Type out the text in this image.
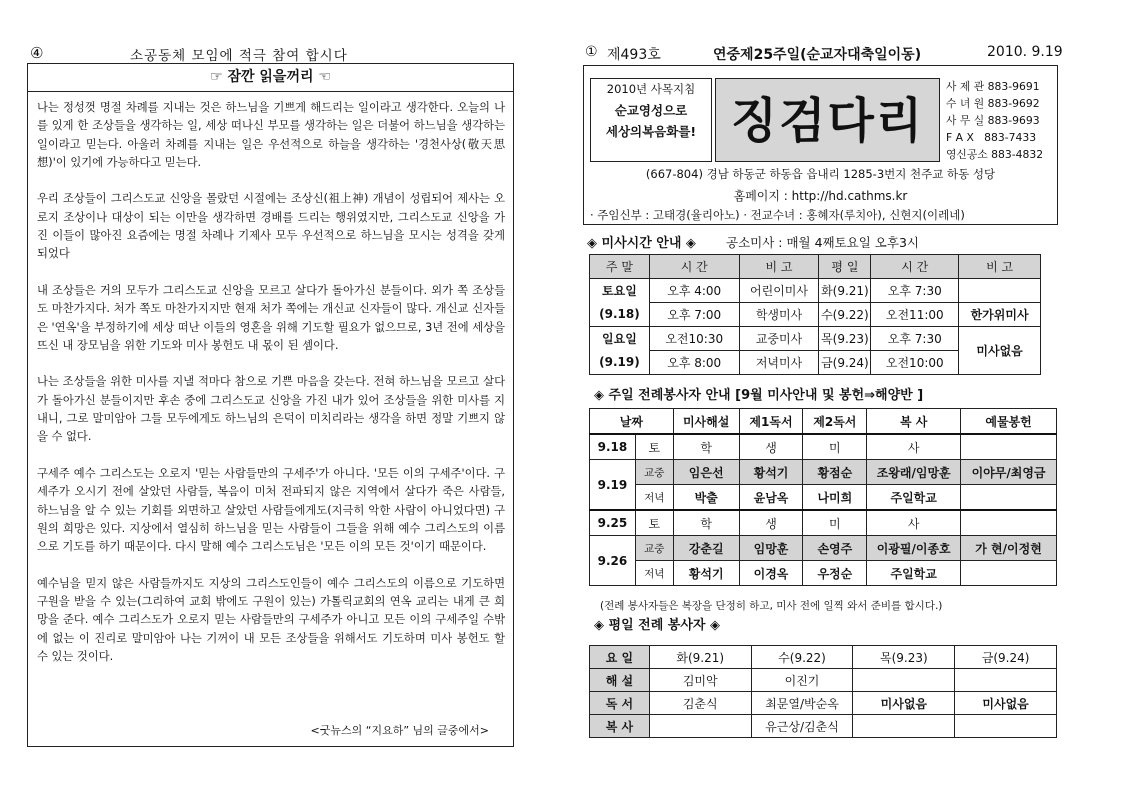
④	소공동체 모임에 적극 참여 합시다
☞ 잠깐 읽을꺼리 ☜

나는 정성껏 명절 차례를 지내는 것은 하느님을 기쁘게 해드리는 일이라고 생각한다. 오늘의 나를 있게 한 조상들을 생각하는 일, 세상 떠나신 부모를 생각하는 일은 더불어 하느님을 생각하는 일이라고 믿는다. 아울러 차례를 지내는 일은 우선적으로 하늘을 생각하는 '경천사상(敬天思想)'이 있기에 가능하다고 믿는다.

우리 조상들이 그리스도교 신앙을 몰랐던 시절에는 조상신(祖上神) 개념이 성립되어 제사는 오로지 조상이나 대상이 되는 이만을 생각하면 경배를 드리는 행위였지만, 그리스도교 신앙을 가진 이들이 많아진 요즘에는 명절 차례나 기제사 모두 우선적으로 하느님을 모시는 성격을 갖게 되었다

내 조상들은 거의 모두가 그리스도교 신앙을 모르고 살다가 돌아가신 분들이다. 외가 쪽 조상들도 마찬가지다. 처가 쪽도 마찬가지지만 현재 처가 쪽에는 개신교 신자들이 많다. 개신교 신자들은 '연옥'을 부정하기에 세상 떠난 이들의 영혼을 위해 기도할 필요가 없으므로, 3년 전에 세상을 뜨신 내 장모님을 위한 기도와 미사 봉헌도 내 몫이 된 셈이다.

나는 조상들을 위한 미사를 지낼 적마다 참으로 기쁜 마음을 갖는다. 전혀 하느님을 모르고 살다가 돌아가신 분들이지만 후손 중에 그리스도교 신앙을 가진 내가 있어 조상들을 위한 미사를 지내니, 그로 말미암아 그들 모두에게도 하느님의 은덕이 미치리라는 생각을 하면 정말 기쁘지 않을 수 없다.

구세주 예수 그리스도는 오로지 '믿는 사람들만의 구세주'가 아니다. '모든 이의 구세주'이다. 구세주가 오시기 전에 살았던 사람들, 복음이 미처 전파되지 않은 지역에서 살다가 죽은 사람들, 하느님을 알 수 있는 기회를 외면하고 살았던 사람들에게도(지극히 악한 사람이 아니었다면) 구원의 희망은 있다. 지상에서 열심히 하느님을 믿는 사람들이 그들을 위해 예수 그리스도의 이름으로 기도를 하기 때문이다. 다시 말해 예수 그리스도님은 '모든 이의 모든 것'이기 때문이다.

예수님을 믿지 않은 사람들까지도 지상의 그리스도인들이 예수 그리스도의 이름으로 기도하면 구원을 받을 수 있는(그리하여 교회 밖에도 구원이 있는) 가톨릭교회의 연옥 교리는 내게 큰 희망을 준다. 예수 그리스도가 오로지 믿는 사람들만의 구세주가 아니고 모든 이의 구세주일 수밖에 없는 이 진리로 말미암아 나는 기꺼이 내 모든 조상들을 위해서도 기도하며 미사 봉헌도 할 수 있는 것이다.

<굿뉴스의 “지요하” 님의 글중에서>
① 제493호	연중제25주일(순교자대축일이동)	2010. 9.19
2010년 사목지침
순교영성으로
세상의복음화를! 징검다리
사 제 관 883-9691
수 녀 원 883-9692
사 무 실 883-9693
F A X   883-7433
영신공소 883-4832
(667-804) 경남 하동군 하동읍 읍내리 1285-3번지 천주교 하동 성당
홈페이지 : http://hd.cathms.kr
· 주임신부 : 고태경(율리아노) · 전교수녀 : 홍혜자(루치아), 신현지(이레네)
◈ 미사시간 안내 ◈ 공소미사 : 매월 4째토요일 오후3시
주 말	시 간	비 고	평 일	시 간	비 고

토요일
(9.18)	오후 4:00	어린이미사	화(9.21)	오후 7:30	
	오후 7:00	학생미사	수(9.22)	오전11:00	한가위미사

일요일
(9.19)	오전10:30	교중미사	목(9.23)	오후 7:30	미사없음
	오후 8:00	저녁미사	금(9.24)	오전10:00	
◈ 주일 전례봉사자 안내 [9월 미사안내 및 봉헌⇒해양반 ]
날짜		미사해설	제1독서	제2독서	복 사	예물봉헌
9.18	토	학	생	미	사	
9.19	교중	임은선	황석기	황점순	조왕래/임망훈	이야무/최영금
	저녁	박출	윤남옥	나미희	주일학교	
9.25	토	학	생	미	사	
9.26	교중	강춘길	임망훈	손영주	이광필/이종호	가 현/이정현
	저녁	황석기	이경옥	우정순	주일학교	
(전례 봉사자들은 복장을 단정히 하고, 미사 전에 일찍 와서 준비를 합시다.)
◈ 평일 전례 봉사자 ◈
요 일	화(9.21)	수(9.22)	목(9.23)	금(9.24)
해 설	김미악	이진기		
독 서	김춘식	최문열/박순옥	미사없음	미사없음
복 사		유근상/김춘식		
